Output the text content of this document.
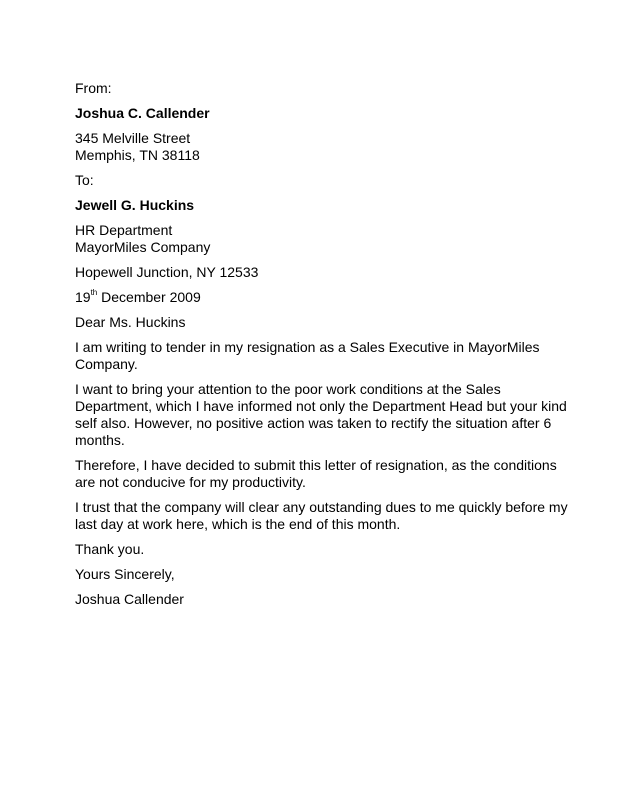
From:
Joshua C. Callender
345 Melville Street
Memphis, TN 38118
To:
Jewell G. Huckins
HR Department
MayorMiles Company
Hopewell Junction, NY 12533
19th December 2009
Dear Ms. Huckins
I am writing to tender in my resignation as a Sales Executive in MayorMiles Company.
I want to bring your attention to the poor work conditions at the Sales Department, which I have informed not only the Department Head but your kind self also. However, no positive action was taken to rectify the situation after 6 months.
Therefore, I have decided to submit this letter of resignation, as the conditions are not conducive for my productivity.
I trust that the company will clear any outstanding dues to me quickly before my last day at work here, which is the end of this month.
Thank you.
Yours Sincerely,
Joshua Callender
